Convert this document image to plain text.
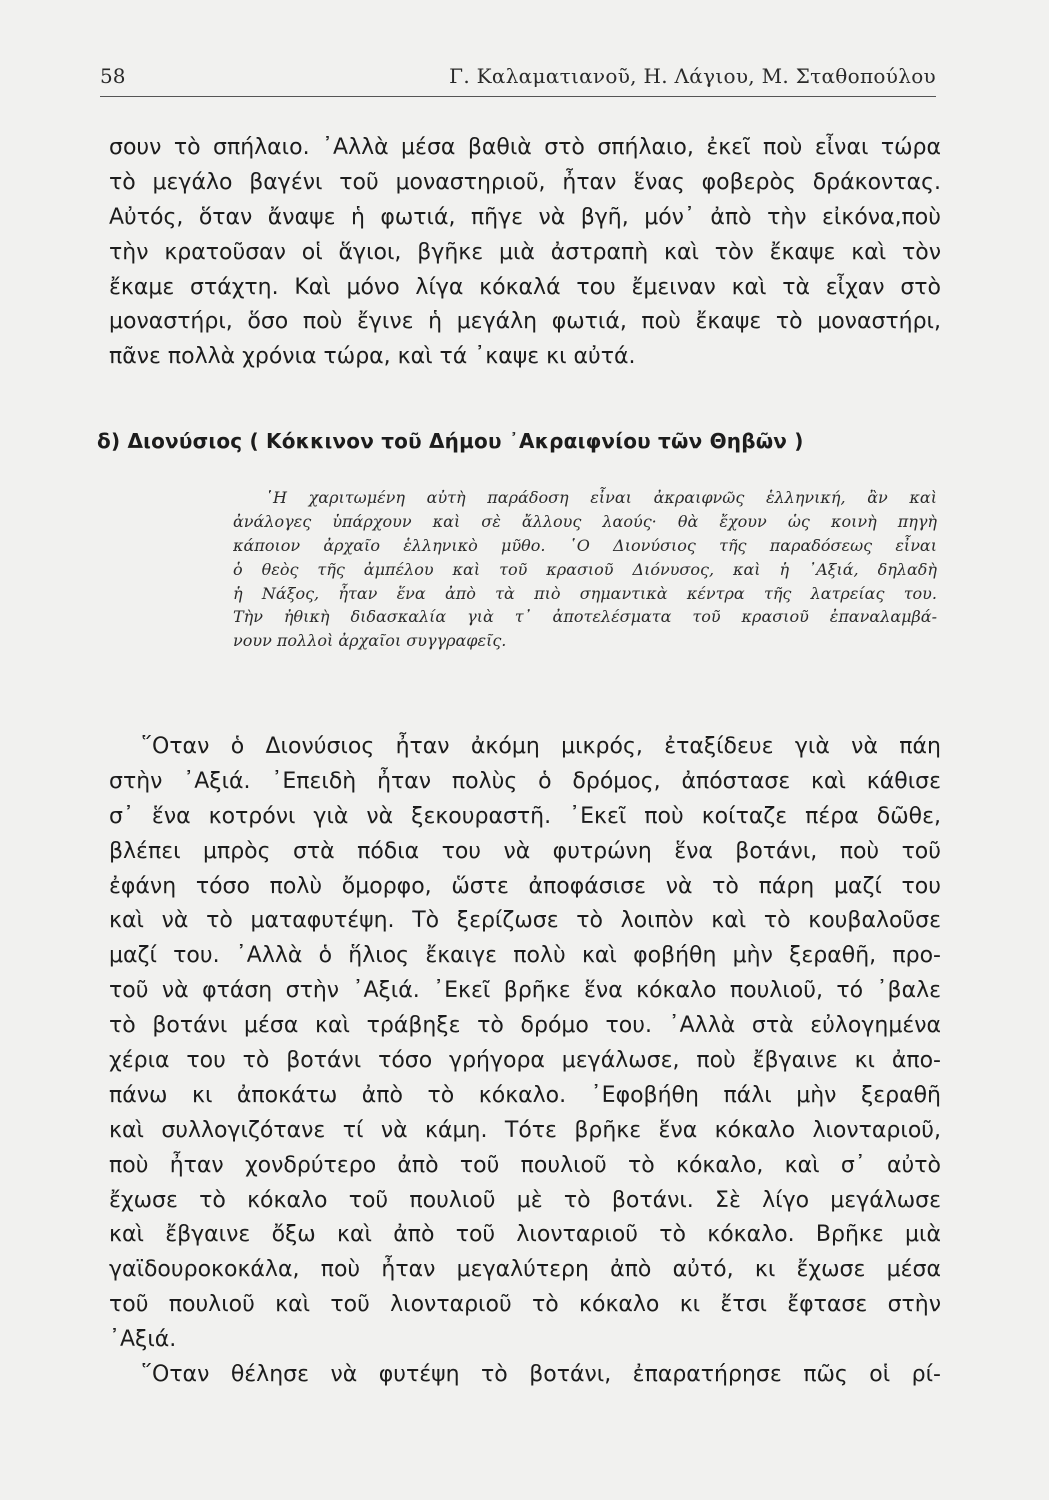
58	Γ. Καλαματιανοῦ, Η. Λάγιου, Μ. Σταθοπούλου
σουν τὸ σπήλαιο. ᾿Αλλὰ μέσα βαθιὰ στὸ σπήλαιο, ἐκεῖ ποὺ εἶναι τώρα
τὸ μεγάλο βαγένι τοῦ μοναστηριοῦ, ἦταν ἕνας φοβερὸς δράκοντας.
Αὐτός, ὅταν ἄναψε ἡ φωτιά, πῆγε νὰ βγῆ, μόν᾿ ἀπὸ τὴν εἰκόνα,ποὺ
τὴν κρατοῦσαν οἱ ἅγιοι, βγῆκε μιὰ ἀστραπὴ καὶ τὸν ἔκαψε καὶ τὸν
ἔκαμε στάχτη. Καὶ μόνο λίγα κόκαλά του ἔμειναν καὶ τὰ εἶχαν στὸ
μοναστήρι, ὅσο ποὺ ἔγινε ἡ μεγάλη φωτιά, ποὺ ἔκαψε τὸ μοναστήρι,
πᾶνε πολλὰ χρόνια τώρα, καὶ τά ᾿καψε κι αὐτά.
δ) Διονύσιος ( Κόκκινον τοῦ Δήμου ᾿Ακραιφνίου τῶν Θηβῶν )
῾Η χαριτωμένη αὐτὴ παράδοση εἶναι ἀκραιφνῶς ἑλληνική, ἂν καὶ
ἀνάλογες ὑπάρχουν καὶ σὲ ἄλλους λαούς· θὰ ἔχουν ὡς κοινὴ πηγὴ
κάποιον ἀρχαῖο ἑλληνικὸ μῦθο. ῾Ο Διονύσιος τῆς παραδόσεως εἶναι
ὁ θεὸς τῆς ἀμπέλου καὶ τοῦ κρασιοῦ Διόνυσος, καὶ ἡ ᾿Αξιά, δηλαδὴ
ἡ Νάξος, ἦταν ἕνα ἀπὸ τὰ πιὸ σημαντικὰ κέντρα τῆς λατρείας του.
Τὴν ἠθικὴ διδασκαλία γιὰ τ᾿ ἀποτελέσματα τοῦ κρασιοῦ ἐπαναλαμβά-
νουν πολλοὶ ἀρχαῖοι συγγραφεῖς.
῞Οταν ὁ Διονύσιος ἦταν ἀκόμη μικρός, ἐταξίδευε γιὰ νὰ πάη
στὴν ᾿Αξιά. ᾿Επειδὴ ἦταν πολὺς ὁ δρόμος, ἀπόστασε καὶ κάθισε
σ᾿ ἕνα κοτρόνι γιὰ νὰ ξεκουραστῆ. ᾿Εκεῖ ποὺ κοίταζε πέρα δῶθε,
βλέπει μπρὸς στὰ πόδια του νὰ φυτρώνη ἕνα βοτάνι, ποὺ τοῦ
ἐφάνη τόσο πολὺ ὄμορφο, ὥστε ἀποφάσισε νὰ τὸ πάρη μαζί του
καὶ νὰ τὸ ματαφυτέψη. Τὸ ξερίζωσε τὸ λοιπὸν καὶ τὸ κουβαλοῦσε
μαζί του. ᾿Αλλὰ ὁ ἥλιος ἔκαιγε πολὺ καὶ φοβήθη μὴν ξεραθῆ, προ-
τοῦ νὰ φτάση στὴν ᾿Αξιά. ᾿Εκεῖ βρῆκε ἕνα κόκαλο πουλιοῦ, τό ᾿βαλε
τὸ βοτάνι μέσα καὶ τράβηξε τὸ δρόμο του. ᾿Αλλὰ στὰ εὐλογημένα
χέρια του τὸ βοτάνι τόσο γρήγορα μεγάλωσε, ποὺ ἔβγαινε κι ἀπο-
πάνω κι ἀποκάτω ἀπὸ τὸ κόκαλο. ᾿Εφοβήθη πάλι μὴν ξεραθῆ
καὶ συλλογιζότανε τί νὰ κάμη. Τότε βρῆκε ἕνα κόκαλο λιονταριοῦ,
ποὺ ἦταν χονδρύτερο ἀπὸ τοῦ πουλιοῦ τὸ κόκαλο, καὶ σ᾿ αὐτὸ
ἔχωσε τὸ κόκαλο τοῦ πουλιοῦ μὲ τὸ βοτάνι. Σὲ λίγο μεγάλωσε
καὶ ἔβγαινε ὄξω καὶ ἀπὸ τοῦ λιονταριοῦ τὸ κόκαλο. Βρῆκε μιὰ
γαϊδουροκοκάλα, ποὺ ἦταν μεγαλύτερη ἀπὸ αὐτό, κι ἔχωσε μέσα
τοῦ πουλιοῦ καὶ τοῦ λιονταριοῦ τὸ κόκαλο κι ἔτσι ἔφτασε στὴν
᾿Αξιά.
῞Οταν θέλησε νὰ φυτέψη τὸ βοτάνι, ἐπαρατήρησε πῶς οἱ ρί-
